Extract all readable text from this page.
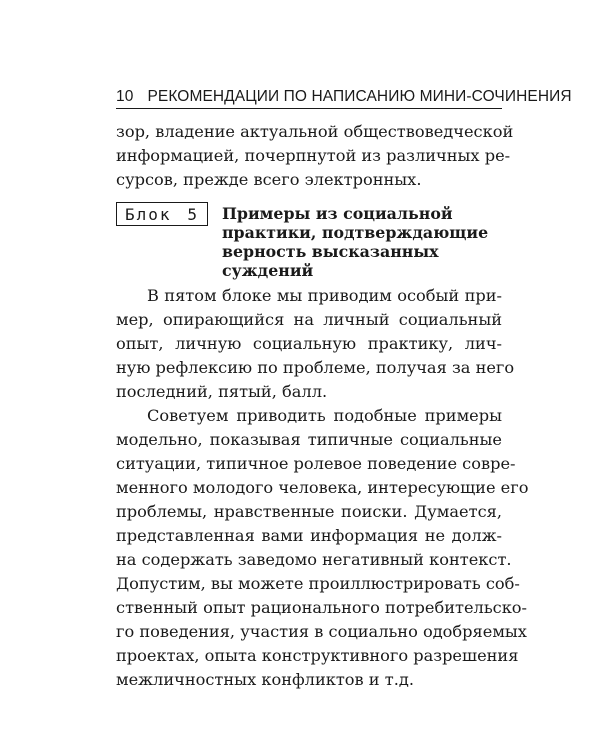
10 РЕКОМЕНДАЦИИ ПО НАПИСАНИЮ МИНИ-СОЧИНЕНИЯ
зор, владение актуальной обществоведческой
информацией, почерпнутой из различных ре-
сурсов, прежде всего электронных.
Блок 5 Примеры из социальной
практики, подтверждающие
верность высказанных
суждений
В пятом блоке мы приводим особый при-
мер, опирающийся на личный социальный
опыт, личную социальную практику, лич-
ную рефлексию по проблеме, получая за него
последний, пятый, балл.
Советуем приводить подобные примеры
модельно, показывая типичные социальные
ситуации, типичное ролевое поведение совре-
менного молодого человека, интересующие его
проблемы, нравственные поиски. Думается,
представленная вами информация не долж-
на содержать заведомо негативный контекст.
Допустим, вы можете проиллюстрировать соб-
ственный опыт рационального потребительско-
го поведения, участия в социально одобряемых
проектах, опыта конструктивного разрешения
межличностных конфликтов и т.д.
